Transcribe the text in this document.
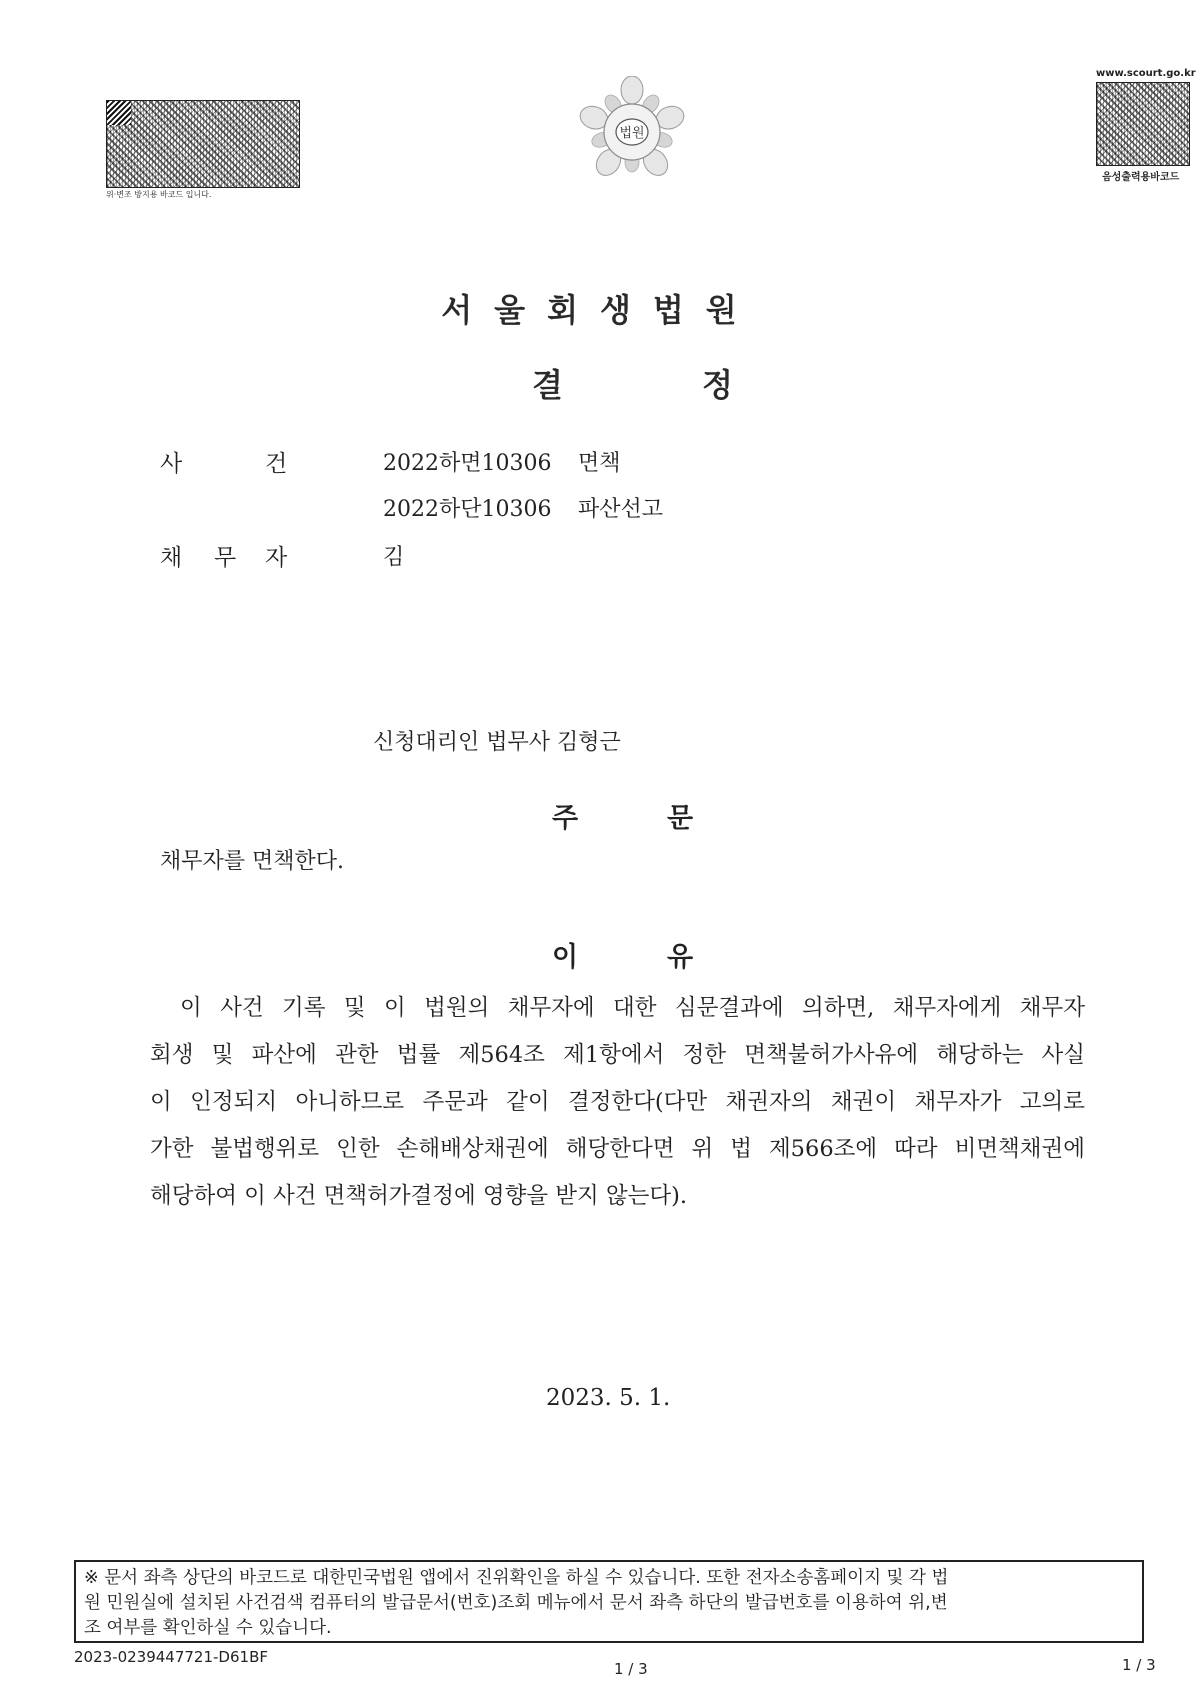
위·변조 방지용 바코드 입니다.
www.scourt.go.kr
음성출력용바코드
법원
서울회생법원
결	정
사	건	2022하면10306 면책
2022하단10306 파산선고
채 무 자	김
신청대리인 법무사 김형근
주	문
채무자를 면책한다.
이	유
이 사건 기록 및 이 법원의 채무자에 대한 심문결과에 의하면, 채무자에게 채무자
회생 및 파산에 관한 법률 제564조 제1항에서 정한 면책불허가사유에 해당하는 사실
이 인정되지 아니하므로 주문과 같이 결정한다(다만 채권자의 채권이 채무자가 고의로
가한 불법행위로 인한 손해배상채권에 해당한다면 위 법 제566조에 따라 비면책채권에
해당하여 이 사건 면책허가결정에 영향을 받지 않는다).
2023. 5. 1.
※ 문서 좌측 상단의 바코드로 대한민국법원 앱에서 진위확인을 하실 수 있습니다. 또한 전자소송홈페이지 및 각 법
원 민원실에 설치된 사건검색 컴퓨터의 발급문서(번호)조회 메뉴에서 문서 좌측 하단의 발급번호를 이용하여 위,변
조 여부를 확인하실 수 있습니다.
2023-0239447721-D61BF
1 / 3	1 / 3
